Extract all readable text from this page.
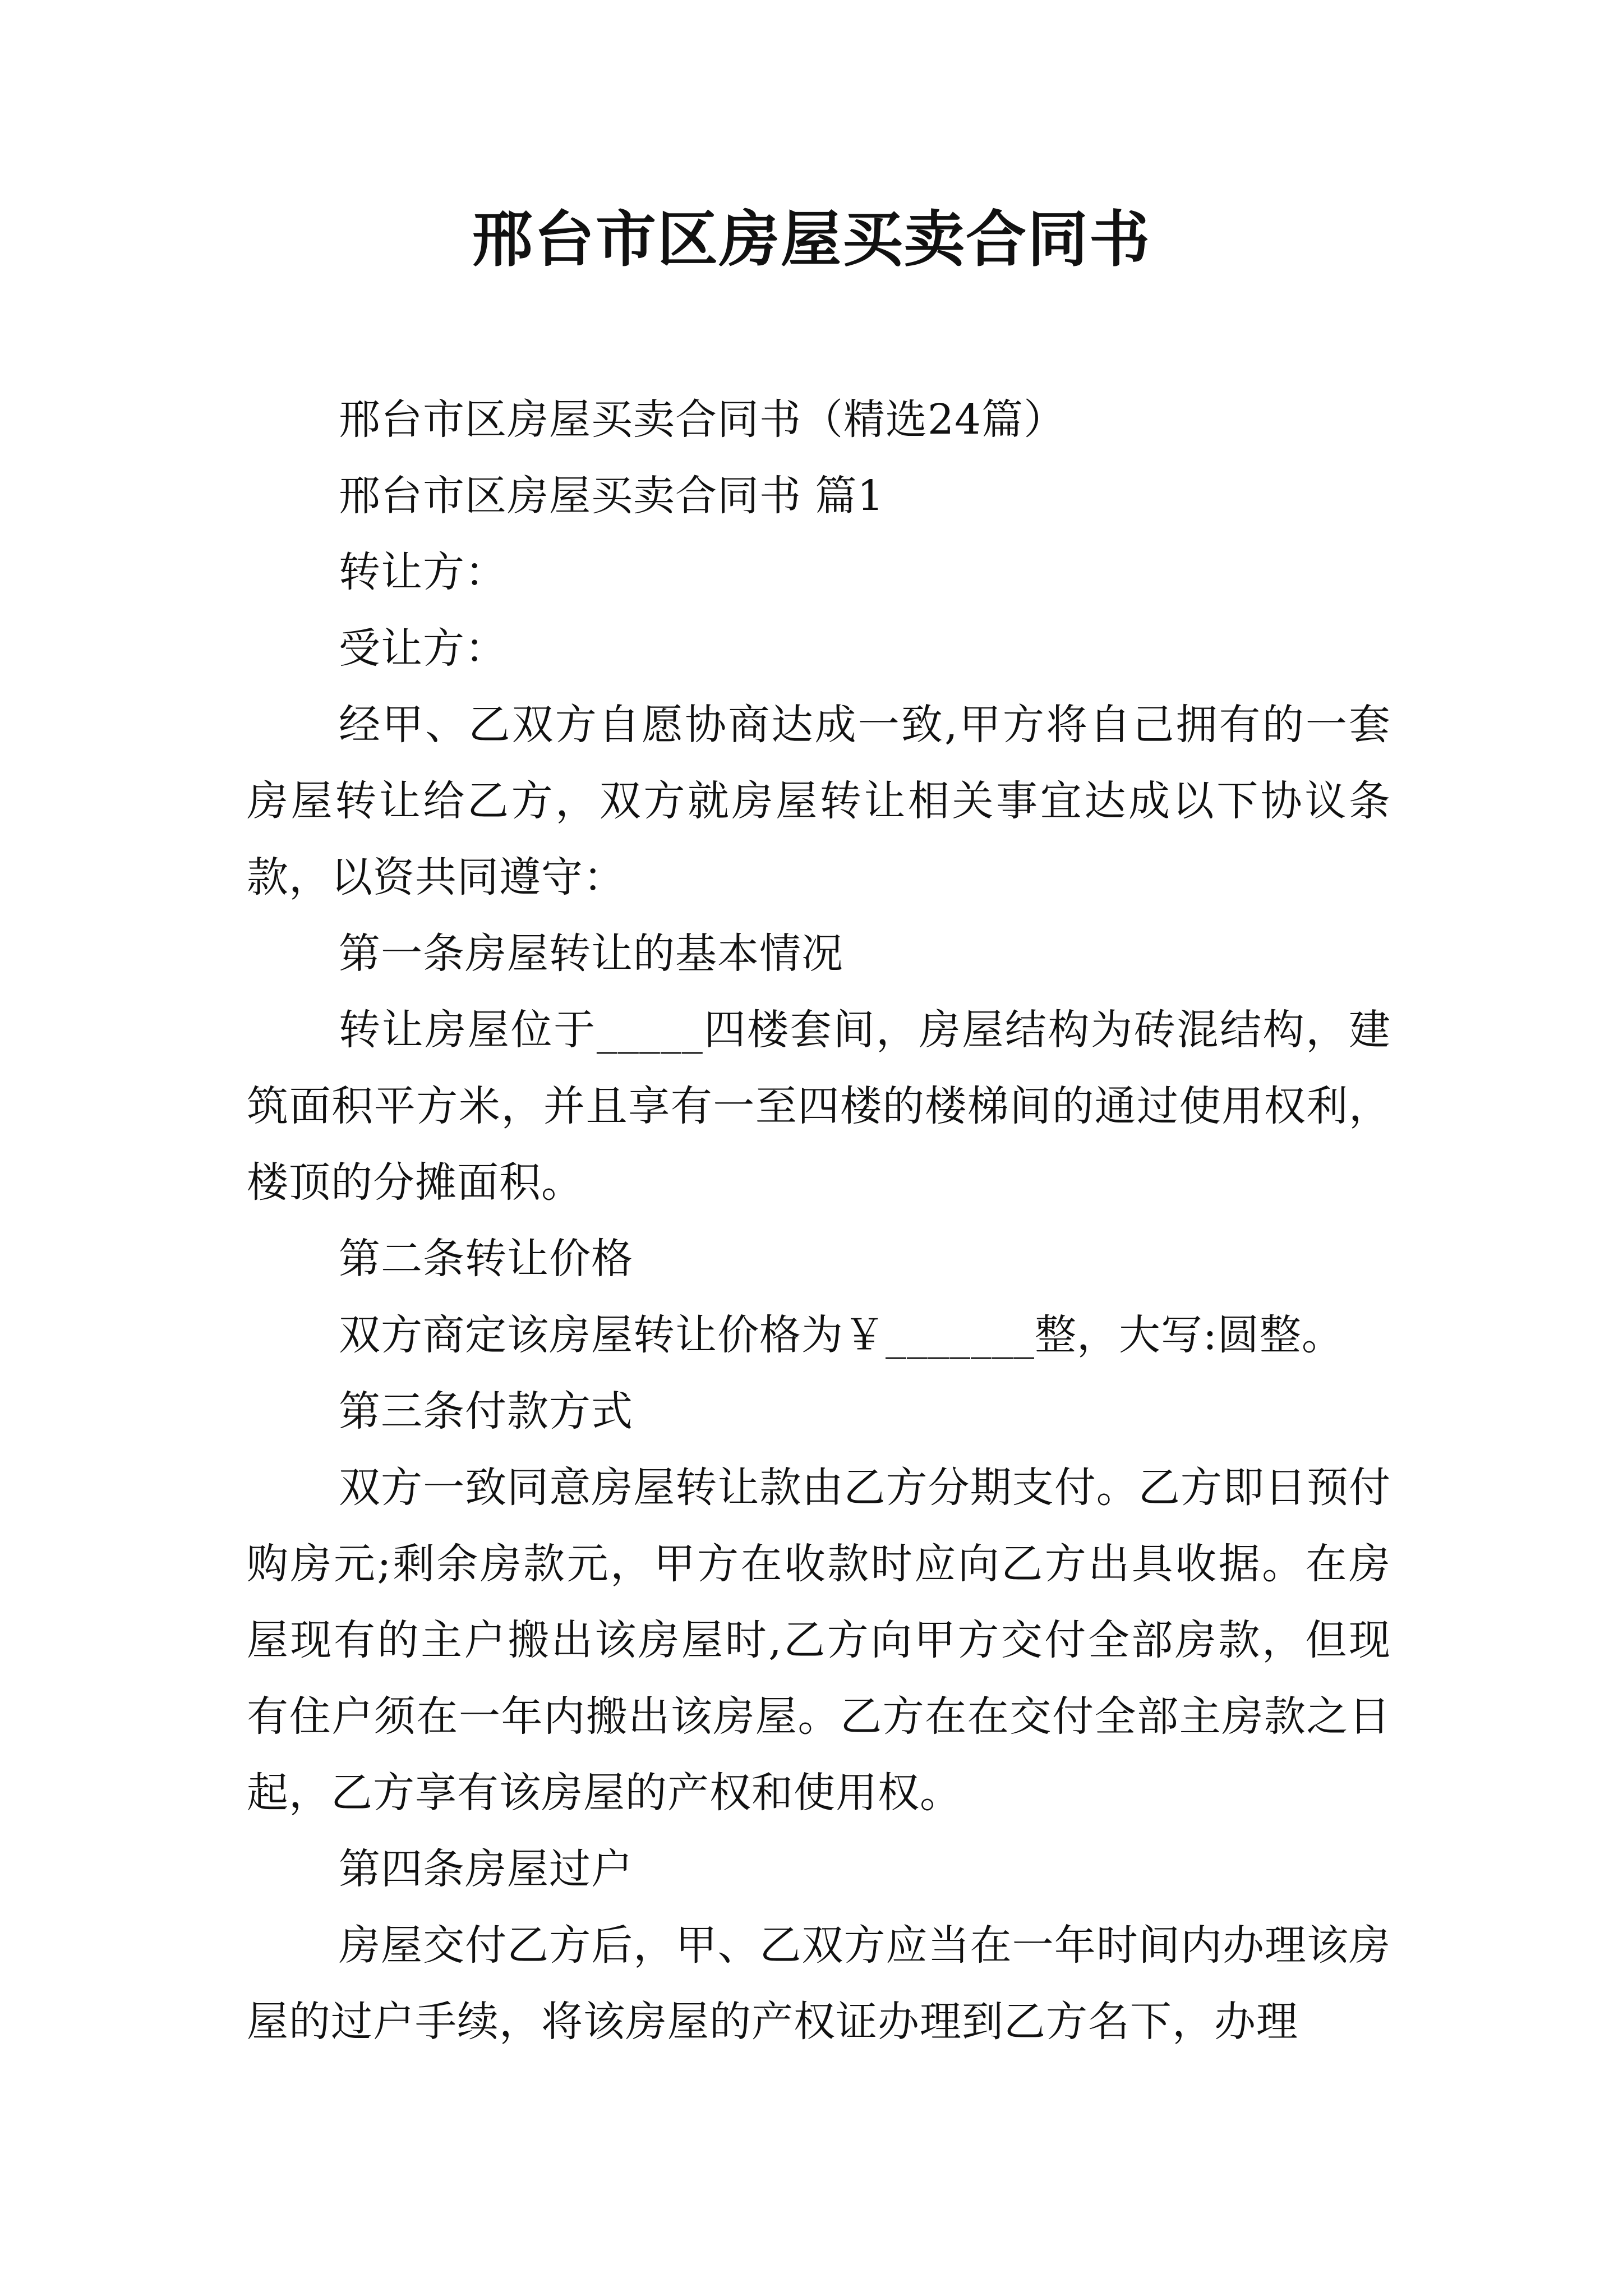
邢台市区房屋买卖合同书

邢台市区房屋买卖合同书（精选24篇）

邢台市区房屋买卖合同书 篇1

转让方：

受让方：

经甲、乙双方自愿协商达成一致,甲方将自己拥有的一套房屋转让给乙方，双方就房屋转让相关事宜达成以下协议条款，以资共同遵守：

第一条房屋转让的基本情况

转让房屋位于_____四楼套间，房屋结构为砖混结构，建筑面积平方米，并且享有一至四楼的楼梯间的通过使用权利，楼顶的分摊面积。

第二条转让价格

双方商定该房屋转让价格为￥_______整，大写:圆整。

第三条付款方式

双方一致同意房屋转让款由乙方分期支付。乙方即日预付购房元;剩余房款元，甲方在收款时应向乙方出具收据。在房屋现有的主户搬出该房屋时,乙方向甲方交付全部房款，但现有住户须在一年内搬出该房屋。乙方在在交付全部主房款之日起，乙方享有该房屋的产权和使用权。

第四条房屋过户

房屋交付乙方后，甲、乙双方应当在一年时间内办理该房屋的过户手续，将该房屋的产权证办理到乙方名下，办理
